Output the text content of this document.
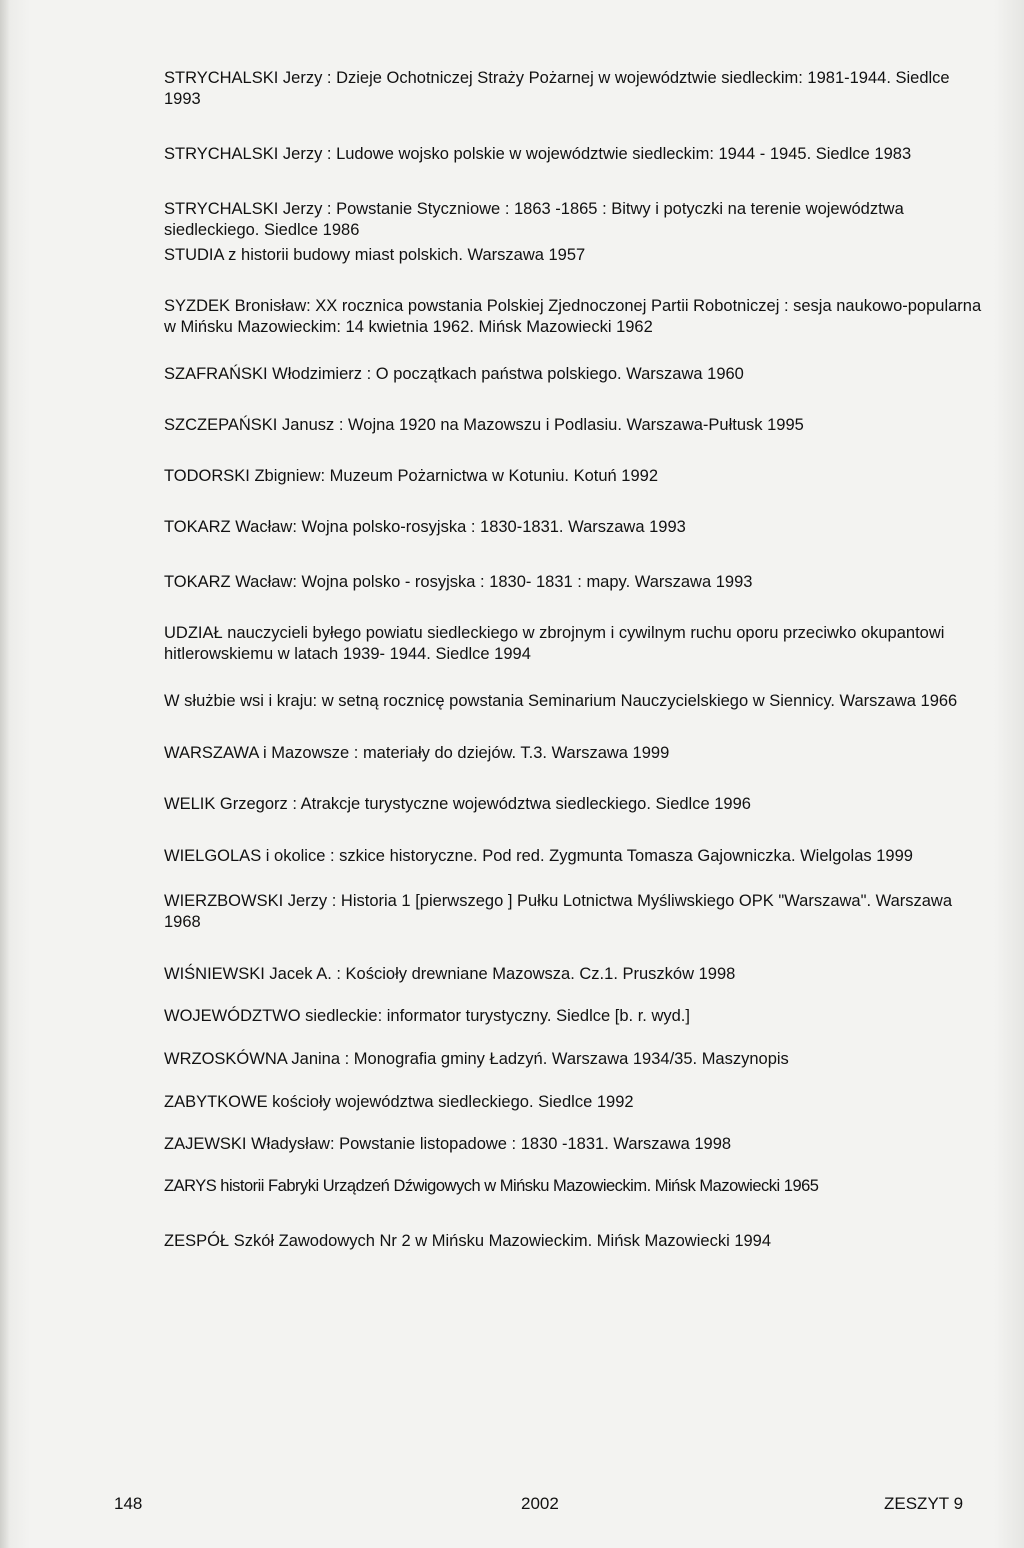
STRYCHALSKI Jerzy : Dzieje Ochotniczej Straży Pożarnej w województwie siedleckim: 1981-1944. Siedlce 1993
STRYCHALSKI Jerzy : Ludowe wojsko polskie w województwie siedleckim: 1944 - 1945. Siedlce 1983
STRYCHALSKI Jerzy : Powstanie Styczniowe : 1863 -1865 : Bitwy i potyczki na terenie województwa siedleckiego. Siedlce 1986
STUDIA z historii budowy miast polskich. Warszawa 1957
SYZDEK Bronisław: XX rocznica powstania Polskiej Zjednoczonej Partii Robotniczej : sesja naukowo-popularna w Mińsku Mazowieckim: 14 kwietnia 1962. Mińsk Mazowiecki 1962
SZAFRAŃSKI Włodzimierz : O początkach państwa polskiego. Warszawa 1960
SZCZEPAŃSKI Janusz : Wojna 1920 na Mazowszu i Podlasiu. Warszawa-Pułtusk 1995
TODORSKI Zbigniew: Muzeum Pożarnictwa w Kotuniu. Kotuń 1992
TOKARZ Wacław: Wojna polsko-rosyjska : 1830-1831. Warszawa 1993
TOKARZ Wacław: Wojna polsko - rosyjska : 1830- 1831 : mapy. Warszawa 1993
UDZIAŁ nauczycieli byłego powiatu siedleckiego w zbrojnym i cywilnym ruchu oporu przeciwko okupantowi hitlerowskiemu w latach 1939- 1944. Siedlce 1994
W służbie wsi i kraju: w setną rocznicę powstania Seminarium Nauczycielskiego w Siennicy. Warszawa 1966
WARSZAWA i Mazowsze : materiały do dziejów. T.3. Warszawa 1999
WELIK Grzegorz : Atrakcje turystyczne województwa siedleckiego. Siedlce 1996
WIELGOLAS i okolice : szkice historyczne. Pod red. Zygmunta Tomasza Gajowniczka. Wielgolas 1999
WIERZBOWSKI Jerzy : Historia 1 [pierwszego ] Pułku Lotnictwa Myśliwskiego OPK "Warszawa". Warszawa 1968
WIŚNIEWSKI Jacek A. : Kościoły drewniane Mazowsza. Cz.1. Pruszków 1998
WOJEWÓDZTWO siedleckie: informator turystyczny. Siedlce [b. r. wyd.]
WRZOSKÓWNA Janina : Monografia gminy Ładzyń. Warszawa 1934/35. Maszynopis
ZABYTKOWE kościoły województwa siedleckiego. Siedlce 1992
ZAJEWSKI Władysław: Powstanie listopadowe : 1830 -1831. Warszawa 1998
ZARYS historii Fabryki Urządzeń Dźwigowych w Mińsku Mazowieckim. Mińsk Mazowiecki 1965
ZESPÓŁ Szkół Zawodowych Nr 2 w Mińsku Mazowieckim. Mińsk Mazowiecki 1994
148	2002	ZESZYT 9
